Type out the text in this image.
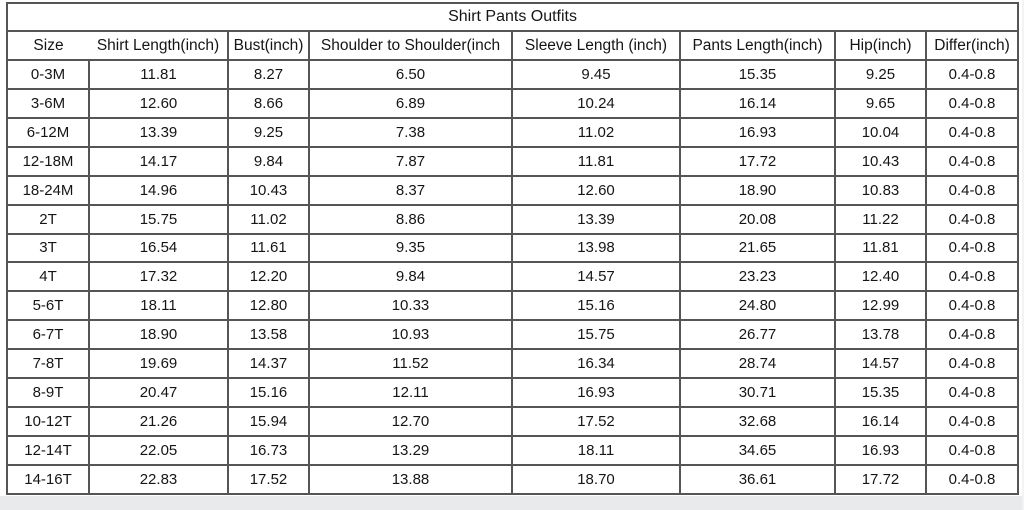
Shirt Pants Outfits							
Size	Shirt Length(inch)	Bust(inch)	Shoulder to Shoulder(inch	Sleeve Length (inch)	Pants Length(inch)	Hip(inch)	Differ(inch)
0-3M	11.81	8.27	6.50	9.45	15.35	9.25	0.4-0.8
3-6M	12.60	8.66	6.89	10.24	16.14	9.65	0.4-0.8
6-12M	13.39	9.25	7.38	11.02	16.93	10.04	0.4-0.8
12-18M	14.17	9.84	7.87	11.81	17.72	10.43	0.4-0.8
18-24M	14.96	10.43	8.37	12.60	18.90	10.83	0.4-0.8
2T	15.75	11.02	8.86	13.39	20.08	11.22	0.4-0.8
3T	16.54	11.61	9.35	13.98	21.65	11.81	0.4-0.8
4T	17.32	12.20	9.84	14.57	23.23	12.40	0.4-0.8
5-6T	18.11	12.80	10.33	15.16	24.80	12.99	0.4-0.8
6-7T	18.90	13.58	10.93	15.75	26.77	13.78	0.4-0.8
7-8T	19.69	14.37	11.52	16.34	28.74	14.57	0.4-0.8
8-9T	20.47	15.16	12.11	16.93	30.71	15.35	0.4-0.8
10-12T	21.26	15.94	12.70	17.52	32.68	16.14	0.4-0.8
12-14T	22.05	16.73	13.29	18.11	34.65	16.93	0.4-0.8
14-16T	22.83	17.52	13.88	18.70	36.61	17.72	0.4-0.8
